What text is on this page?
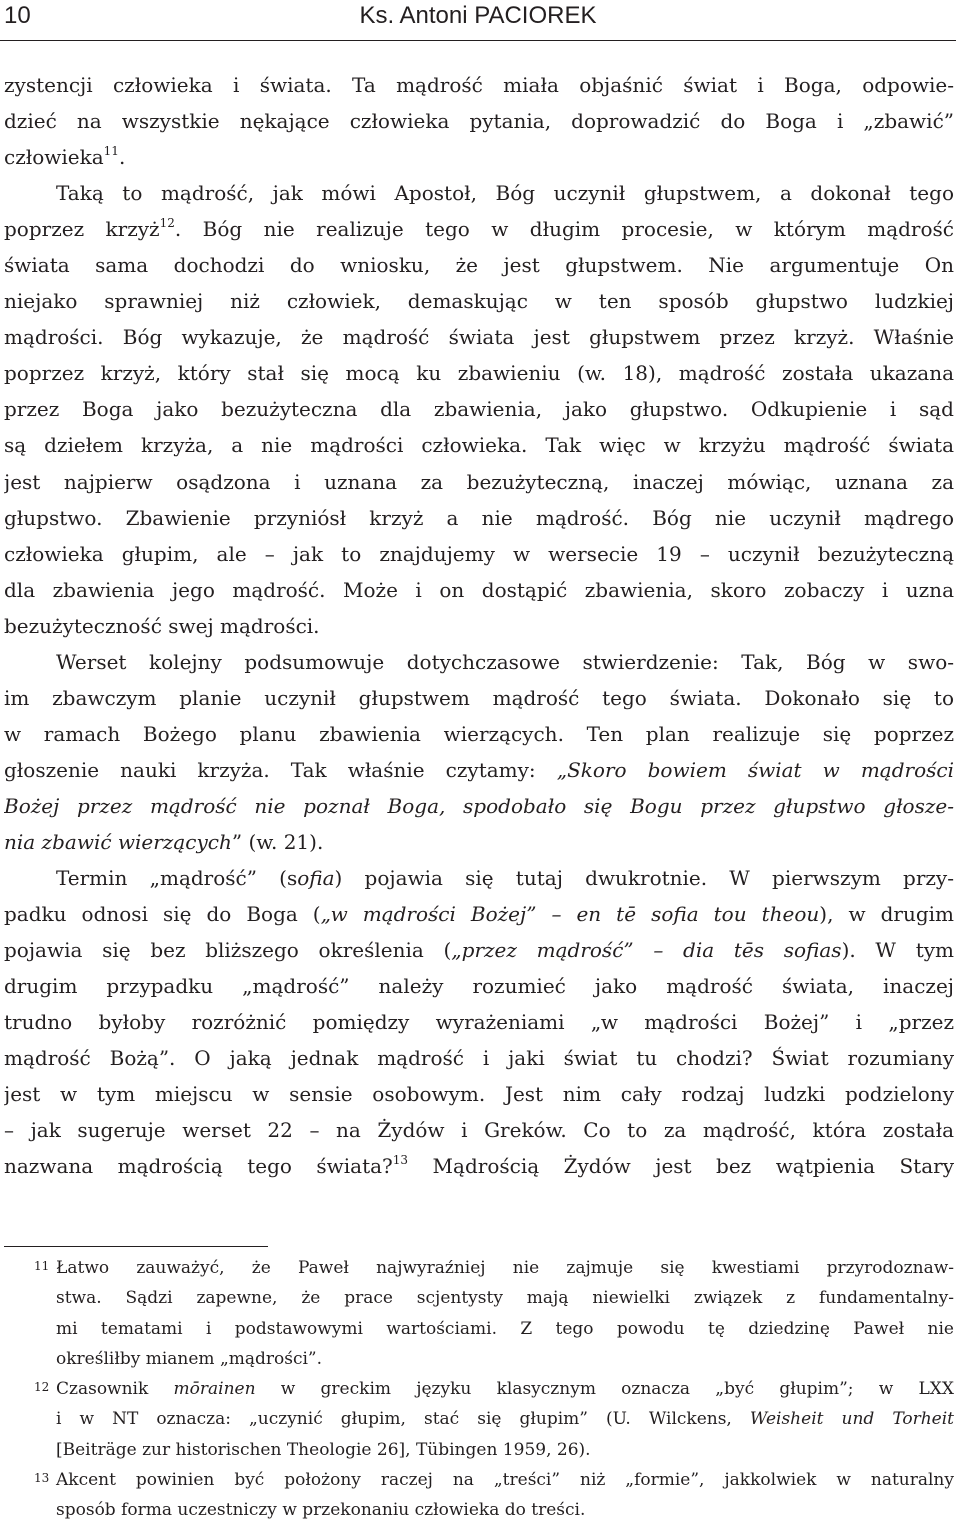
10	Ks. Antoni PACIOREK
zystencji człowieka i świata. Ta mądrość miała objaśnić świat i Boga, odpowie-
dzieć na wszystkie nękające człowieka pytania, doprowadzić do Boga i „zbawić”
człowieka$^{11}$.
Taką to mądrość, jak mówi Apostoł, Bóg uczynił głupstwem, a dokonał tego
poprzez krzyż$^{12}$. Bóg nie realizuje tego w długim procesie, w którym mądrość
świata sama dochodzi do wniosku, że jest głupstwem. Nie argumentuje On
niejako sprawniej niż człowiek, demaskując w ten sposób głupstwo ludzkiej
mądrości. Bóg wykazuje, że mądrość świata jest głupstwem przez krzyż. Właśnie
poprzez krzyż, który stał się mocą ku zbawieniu (w. 18), mądrość została ukazana
przez Boga jako bezużyteczna dla zbawienia, jako głupstwo. Odkupienie i sąd
są dziełem krzyża, a nie mądrości człowieka. Tak więc w krzyżu mądrość świata
jest najpierw osądzona i uznana za bezużyteczną, inaczej mówiąc, uznana za
głupstwo. Zbawienie przyniósł krzyż a nie mądrość. Bóg nie uczynił mądrego
człowieka głupim, ale – jak to znajdujemy w wersecie 19 – uczynił bezużyteczną
dla zbawienia jego mądrość. Może i on dostąpić zbawienia, skoro zobaczy i uzna
bezużyteczność swej mądrości.
Werset kolejny podsumowuje dotychczasowe stwierdzenie: Tak, Bóg w swo-
im zbawczym planie uczynił głupstwem mądrość tego świata. Dokonało się to
w ramach Bożego planu zbawienia wierzących. Ten plan realizuje się poprzez
głoszenie nauki krzyża. Tak właśnie czytamy: „Skoro bowiem świat w mądrości
Bożej przez mądrość nie poznał Boga, spodobało się Bogu przez głupstwo głosze-
nia zbawić wierzących” (w. 21).
Termin „mądrość” (sofia) pojawia się tutaj dwukrotnie. W pierwszym przy-
padku odnosi się do Boga („w mądrości Bożej” – en tē sofia tou theou), w drugim
pojawia się bez bliższego określenia („przez mądrość” – dia tēs sofias). W tym
drugim przypadku „mądrość” należy rozumieć jako mądrość świata, inaczej
trudno byłoby rozróżnić pomiędzy wyrażeniami „w mądrości Bożej” i „przez
mądrość Bożą”. O jaką jednak mądrość i jaki świat tu chodzi? Świat rozumiany
jest w tym miejscu w sensie osobowym. Jest nim cały rodzaj ludzki podzielony
– jak sugeruje werset 22 – na Żydów i Greków. Co to za mądrość, która została
nazwana mądrością tego świata?$^{13}$ Mądrością Żydów jest bez wątpienia Stary
11 Łatwo zauważyć, że Paweł najwyraźniej nie zajmuje się kwestiami przyrodoznaw-
stwa. Sądzi zapewne, że prace scjentysty mają niewielki związek z fundamentalny-
mi tematami i podstawowymi wartościami. Z tego powodu tę dziedzinę Paweł nie
określiłby mianem „mądrości”.
12 Czasownik mōrainen w greckim języku klasycznym oznacza „być głupim”; w LXX
i w NT oznacza: „uczynić głupim, stać się głupim” (U. Wilckens, Weisheit und Torheit
[Beiträge zur historischen Theologie 26], Tübingen 1959, 26).
13 Akcent powinien być położony raczej na „treści” niż „formie”, jakkolwiek w naturalny
sposób forma uczestniczy w przekonaniu człowieka do treści.
